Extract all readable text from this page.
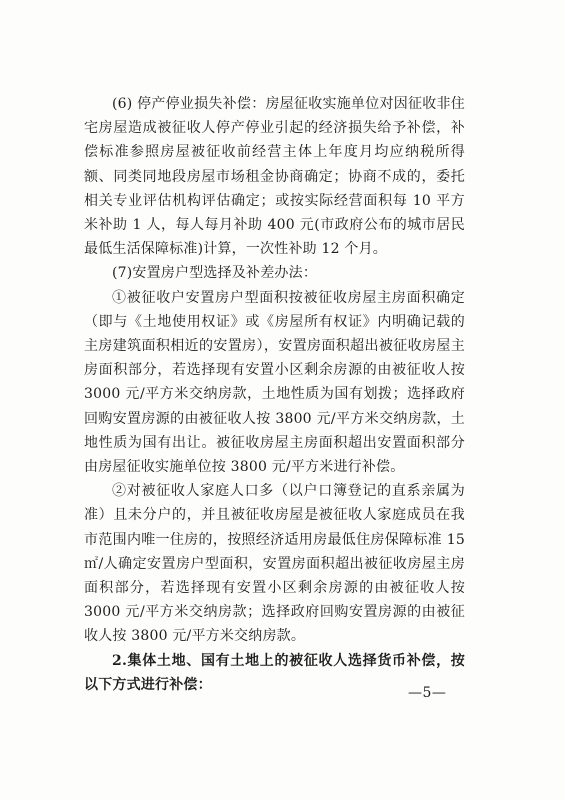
(6) 停产停业损失补偿：房屋征收实施单位对因征收非住宅房屋造成被征收人停产停业引起的经济损失给予补偿，补偿标准参照房屋被征收前经营主体上年度月均应纳税所得额、同类同地段房屋市场租金协商确定；协商不成的，委托相关专业评估机构评估确定；或按实际经营面积每 10 平方米补助 1 人，每人每月补助 400 元(市政府公布的城市居民最低生活保障标准)计算，一次性补助 12 个月。

(7)安置房户型选择及补差办法：

①被征收户安置房户型面积按被征收房屋主房面积确定（即与《土地使用权证》或《房屋所有权证》内明确记载的主房建筑面积相近的安置房），安置房面积超出被征收房屋主房面积部分，若选择现有安置小区剩余房源的由被征收人按 3000 元/平方米交纳房款，土地性质为国有划拨；选择政府回购安置房源的由被征收人按 3800 元/平方米交纳房款，土地性质为国有出让。被征收房屋主房面积超出安置面积部分由房屋征收实施单位按 3800 元/平方米进行补偿。

②对被征收人家庭人口多（以户口簿登记的直系亲属为准）且未分户的，并且被征收房屋是被征收人家庭成员在我市范围内唯一住房的，按照经济适用房最低住房保障标准 15㎡/人确定安置房户型面积，安置房面积超出被征收房屋主房面积部分，若选择现有安置小区剩余房源的由被征收人按 3000 元/平方米交纳房款；选择政府回购安置房源的由被征收人按 3800 元/平方米交纳房款。

2.集体土地、国有土地上的被征收人选择货币补偿，按以下方式进行补偿：

—5—
